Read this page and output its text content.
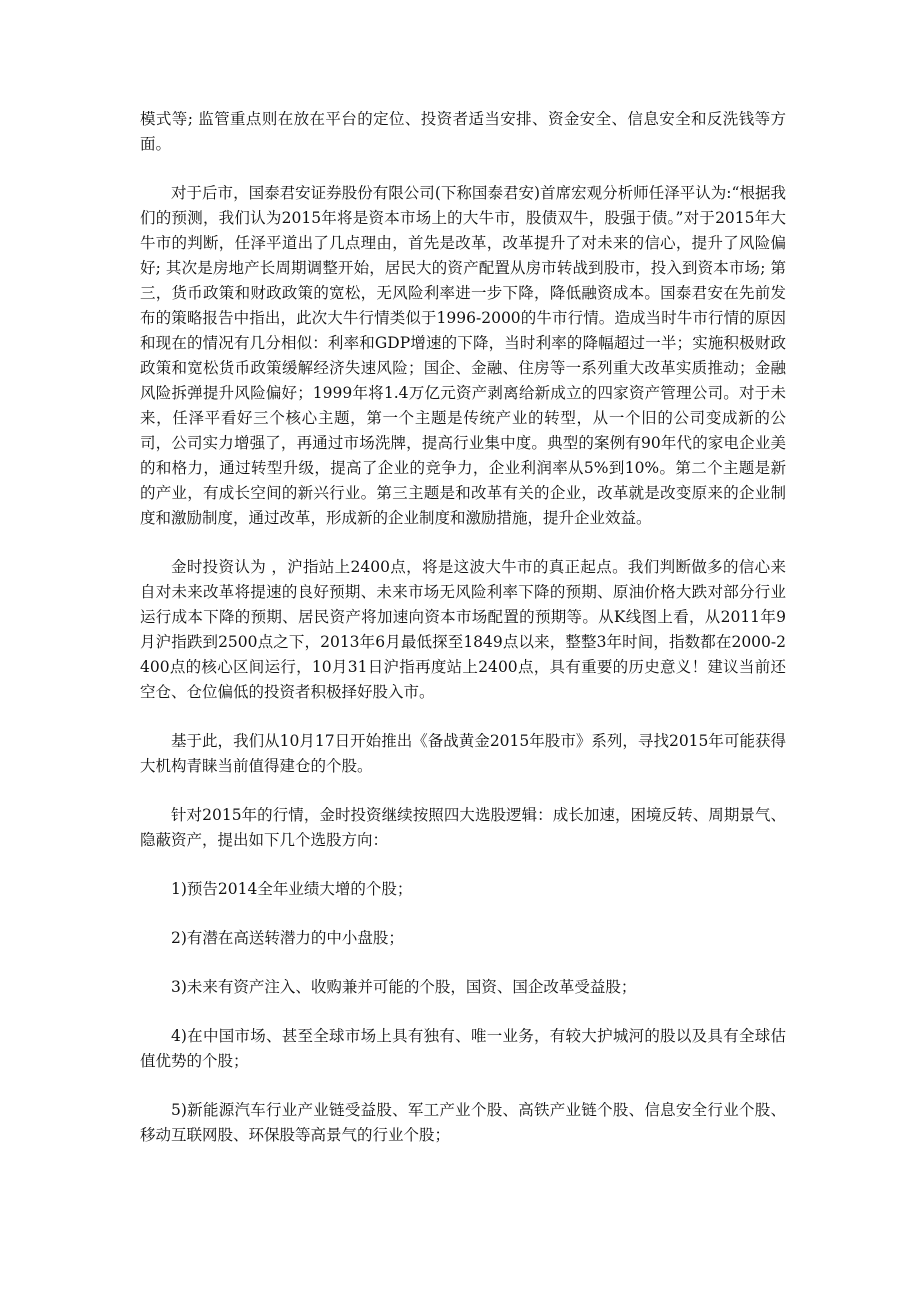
模式等; 监管重点则在放在平台的定位、投资者适当安排、资金安全、信息安全和反洗钱等方面。

对于后市，国泰君安证券股份有限公司(下称国泰君安)首席宏观分析师任泽平认为:“根据我们的预测，我们认为2015年将是资本市场上的大牛市，股债双牛，股强于债。”对于2015年大牛市的判断，任泽平道出了几点理由，首先是改革，改革提升了对未来的信心，提升了风险偏好; 其次是房地产长周期调整开始，居民大的资产配置从房市转战到股市，投入到资本市场; 第三，货币政策和财政政策的宽松，无风险利率进一步下降，降低融资成本。国泰君安在先前发布的策略报告中指出，此次大牛行情类似于1996-2000的牛市行情。造成当时牛市行情的原因和现在的情况有几分相似：利率和GDP增速的下降，当时利率的降幅超过一半；实施积极财政政策和宽松货币政策缓解经济失速风险；国企、金融、住房等一系列重大改革实质推动；金融风险拆弹提升风险偏好；1999年将1.4万亿元资产剥离给新成立的四家资产管理公司。对于未来，任泽平看好三个核心主题，第一个主题是传统产业的转型，从一个旧的公司变成新的公司，公司实力增强了，再通过市场洗牌，提高行业集中度。典型的案例有90年代的家电企业美的和格力，通过转型升级，提高了企业的竞争力，企业利润率从5%到10%。第二个主题是新的产业，有成长空间的新兴行业。第三主题是和改革有关的企业，改革就是改变原来的企业制度和激励制度，通过改革，形成新的企业制度和激励措施，提升企业效益。

金时投资认为 ，沪指站上2400点，将是这波大牛市的真正起点。我们判断做多的信心来自对未来改革将提速的良好预期、未来市场无风险利率下降的预期、原油价格大跌对部分行业运行成本下降的预期、居民资产将加速向资本市场配置的预期等。从K线图上看，从2011年9月沪指跌到2500点之下，2013年6月最低探至1849点以来，整整3年时间，指数都在2000-2400点的核心区间运行，10月31日沪指再度站上2400点，具有重要的历史意义！建议当前还空仓、仓位偏低的投资者积极择好股入市。

基于此，我们从10月17日开始推出《备战黄金2015年股市》系列，寻找2015年可能获得大机构青睐当前值得建仓的个股。

针对2015年的行情，金时投资继续按照四大选股逻辑：成长加速，困境反转、周期景气、隐蔽资产，提出如下几个选股方向：

1)预告2014全年业绩大增的个股；

2)有潜在高送转潜力的中小盘股；

3)未来有资产注入、收购兼并可能的个股，国资、国企改革受益股；

4)在中国市场、甚至全球市场上具有独有、唯一业务，有较大护城河的股以及具有全球估值优势的个股；

5)新能源汽车行业产业链受益股、军工产业个股、高铁产业链个股、信息安全行业个股、移动互联网股、环保股等高景气的行业个股；
